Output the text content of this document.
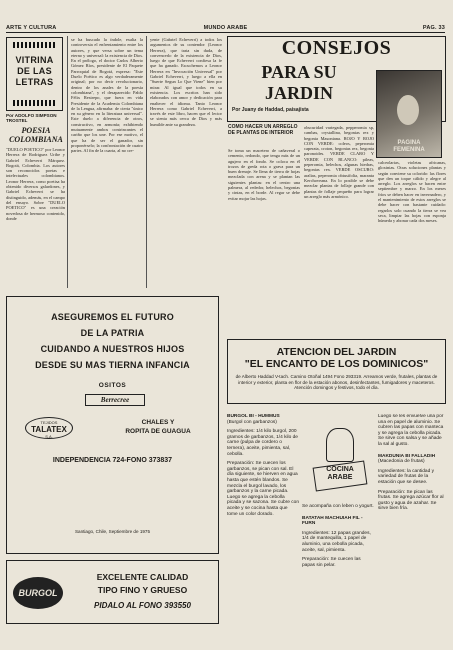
ARTE Y CULTURA	MUNDO ARABE	PAG. 33
VITRINA
DE LAS
LETRAS
Por ADOLFO SIMPSON TROSTEL
POESIA
COLOMBIANA
"DUELO POETICO" por Leonor Herrera de Rodriguez Uribe y Gabriel Echeverri Márquez. Bogotá, Colombia. Los autores son reconocidos poetas e intelectuales colombianos. Leonor Herrera, como poetisa ha obtenido diversos galardones, y Gabriel Echeverri se ha distinguido, además, en el campo del ensayo. Sobre "DUELO POETICO" es una creación novedosa de hermoso contenido, donde
se ha buscado la índole, exalta la controversia el enfrentamiento entre los autores, y que versa sobre un tema eterno y universal: la existencia de Dios. En el prólogo, el doctor Carlos Alberto Gómez Ríos, presidente de El Paquete Parroquial de Bogotá, expresa: "Este Duelo Poético es algo verdaderamente original; por no decir revolucionario, dentro de los anales de la poesía colombiana", y el desaparecido Pablo Félix Restrepo, que fuera en vida Presidente de la Academia Colombiana de la Lengua, afirmaba: de cierta "único en su género en la literatura universal". Este duelo a diferencia de otros, constructivo, en armonía; exhibiendo mutuamente ambos contrincantes el cariño que los une. Por ese motivo, el que ha de ser el ganador, sin proponérselo; la confrontación de cuatro partes. Al fin de la cuarta, al no cre-
yente (Gabriel Echeverri) a todos los argumentos de su contendor (Leonor Herrera), que trata sin duda, de convencerlo de la existencia de Dios, luego de que Echeverri confiesa la fe que ha ganado. Escuchemos a Leonor Herrera en "Invocación Universal" por Gabriel Echeverri, y luego a ella en "Suerte Segun Lo Que Viene" bien por mirar. Al igual que todos en su existencia. Los escritos han sido elaborados con amor y dedicación para enaltecer el idioma. Tanto Leonor Herrera como Gabriel Echeverri, a través de este libro, hacen que el lector se sienta más cerca de Dios y más humilde ante su grandeza.
CONSEJOS
PARA SU
JARDIN
Por Juany de Haddad, paisajista
PAGINA
FEMENINA
COMO HACER UN ARREGLO DE PLANTAS DE INTERIOR
Se toma un macetero de cañaveral o cemento, redondo, que tenga más de un agujero en el fondo. Se coloca en él trozos de greda rota o grava para un buen drenaje. Se llena de tierra de hojas mezclada con arena y se plantan las siguientes plantas: en el centro una palmera, al rededor, helechos, begonias y cintas, en el borde. Al regar se debe evitar mojar las hojas.
obscuridad variegada, pepperomia sp, cambas, crystallina, begonias rex y begonia Masoniana. ROJO Y ROJO CON VERDE: coleos, peperomia caperata, croton, begonias rex, begonia paronoides. VERDE CLARO Y VERDE CON BLANCO: pileas, peperomia, helechos, algunas hiedras, begonias rex. VERDE OSCURO: aralias, peperomia obtusifolia, maranta Kerchoveana. En lo posible se debe mezclar plantas de follaje grande con plantas de follaje pequeño para lograr un arreglo más armónico.
calceolarias, violetas africanas, gloxinias. Otras soluciones plantas y según conviene su colorido: las flores que den un toque cálido y alegre al arreglo. Los arreglos se hacen entre septiembre y marzo. En los meses fríos se deben hacer en invernadero, y el mantenimiento de estos arreglos se debe hacer con bastante cuidado: regarlos solo cuando la tierra se vea seca, limpiar las hojas con esponja húmeda y abonar cada dos meses.
ASEGUREMOS EL FUTURO
DE LA PATRIA
CUIDANDO A NUESTROS HIJOS
DESDE SU MAS TIERNA INFANCIA
OSITOS
Berrecree
TEJIDOS
TALATEX
S.A.
CHALES Y
ROPITA DE GUAGUA
INDEPENDENCIA 724-FONO 373837
Santiago, Chile, Septiembre de 1975
BURGOL
EXCELENTE CALIDAD
TIPO FINO Y GRUESO
PIDALO AL FONO 393550
ATENCION DEL JARDIN
"EL ENCANTO DE LOS DOMINICOS"
de Alberto Haddad V-tach. Camino Otoñal 1494 Fono 293319. Arreamos verde, frutales, plantas de interior y exterior, planta en flor de la estación abonos, desinfectantes, fumigadores y maceteros. Atención domingos y festivos, todo el día.
BURGOL BI - HUMMUS
(Burgol con garbanzos)
Ingredientes: 1/4 kilo burgol, 200 gramos de garbanzos, 1/4 kilo de carne (pulpa de cordero o ternera), aceite, pimienta, sal, cebolla.
Preparación: Se cuecen los garbanzos, se pican con sal. El día siguiente, se hierven en agua hasta que estén blandos. Se mezcla el burgol lavado, los garbanzos y la carne picada. Luego se agrega la cebolla picada y se sazona. Se cubre con aceite y se cocina hasta que tome un color dorado.
COCINA
ARABE
Se acompaña con leben o yogurt.
BATATAH MACHUIAH FIL - FURN
Ingredientes: 12 papas grandes, 1/4 de mantequilla, 1 papel de aluminio, una cebolla picada, aceite, sal, pimienta.
Preparación: Se cuecen las papas sin pelar.
Luego se les envuelve una por una en papel de aluminio. Se cubren las papas con manteca y se agrega la cebolla picada. Se sirve con salsa y se añade la sal al gusto.
MAKDUNIA BI FALLADIH
(Macedonia de frutas)
Ingredientes: la cantidad y variedad de frutas de la estación que se desee.
Preparación: Se pican las frutas. Se agrega azúcar flor al gusto y agua de azahar. Se sirve bien fría.
